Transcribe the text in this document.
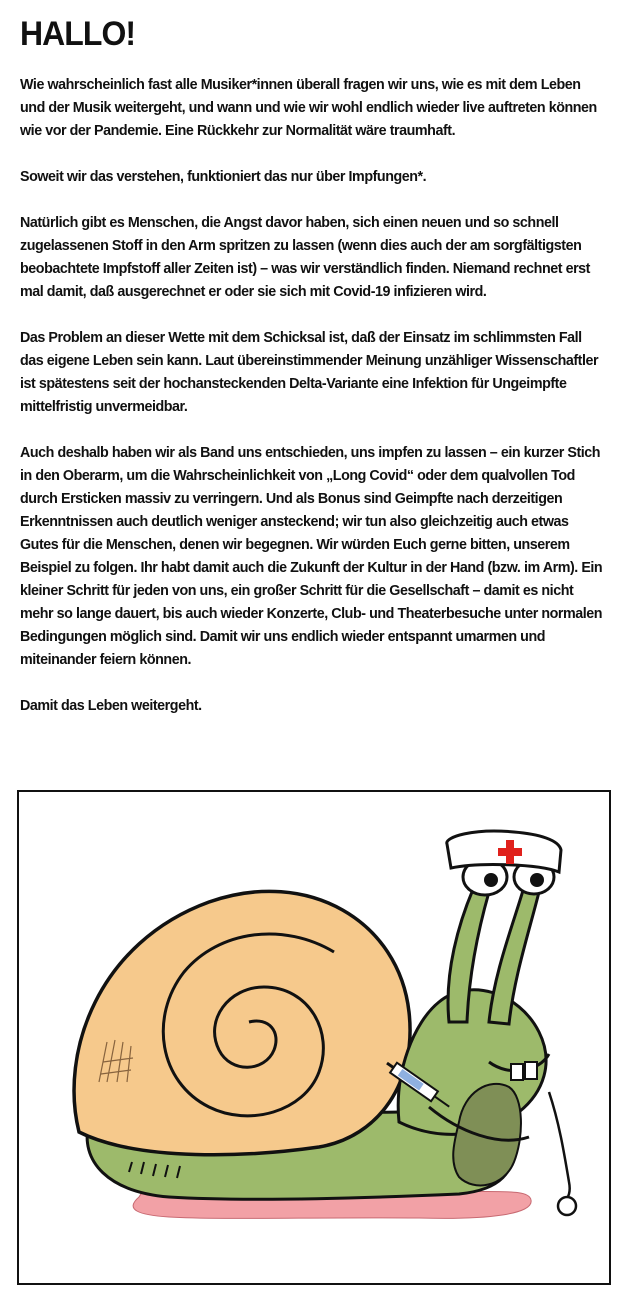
HALLO!

Wie wahrscheinlich fast alle Musiker*innen überall fragen wir uns, wie es mit dem Leben und der Musik weitergeht, und wann und wie wir wohl endlich wieder live auftreten können wie vor der Pandemie. Eine Rückkehr zur Normalität wäre traumhaft.

Soweit wir das verstehen, funktioniert das nur über Impfungen*.

Natürlich gibt es Menschen, die Angst davor haben, sich einen neuen und so schnell zugelassenen Stoff in den Arm spritzen zu lassen (wenn dies auch der am sorgfältigsten beobachtete Impfstoff aller Zeiten ist) – was wir verständlich finden. Niemand rechnet erst mal damit, daß ausgerechnet er oder sie sich mit Covid-19 infizieren wird.

Das Problem an dieser Wette mit dem Schicksal ist, daß der Einsatz im schlimmsten Fall das eigene Leben sein kann. Laut übereinstimmender Meinung unzähliger Wissenschaftler ist spätestens seit der hochansteckenden Delta-Variante eine Infektion für Ungeimpfte mittelfristig unvermeidbar.

Auch deshalb haben wir als Band uns entschieden, uns impfen zu lassen – ein kurzer Stich in den Oberarm, um die Wahrscheinlichkeit von „Long Covid“ oder dem qualvollen Tod durch Ersticken massiv zu verringern. Und als Bonus sind Geimpfte nach derzeitigen Erkenntnissen auch deutlich weniger ansteckend; wir tun also gleichzeitig auch etwas Gutes für die Menschen, denen wir begegnen. Wir würden Euch gerne bitten, unserem Beispiel zu folgen. Ihr habt damit auch die Zukunft der Kultur in der Hand (bzw. im Arm). Ein kleiner Schritt für jeden von uns, ein großer Schritt für die Gesellschaft – damit es nicht mehr so lange dauert, bis auch wieder Konzerte, Club- und Theaterbesuche unter normalen Bedingungen möglich sind. Damit wir uns endlich wieder entspannt umarmen und miteinander feiern können.

Damit das Leben weitergeht.
